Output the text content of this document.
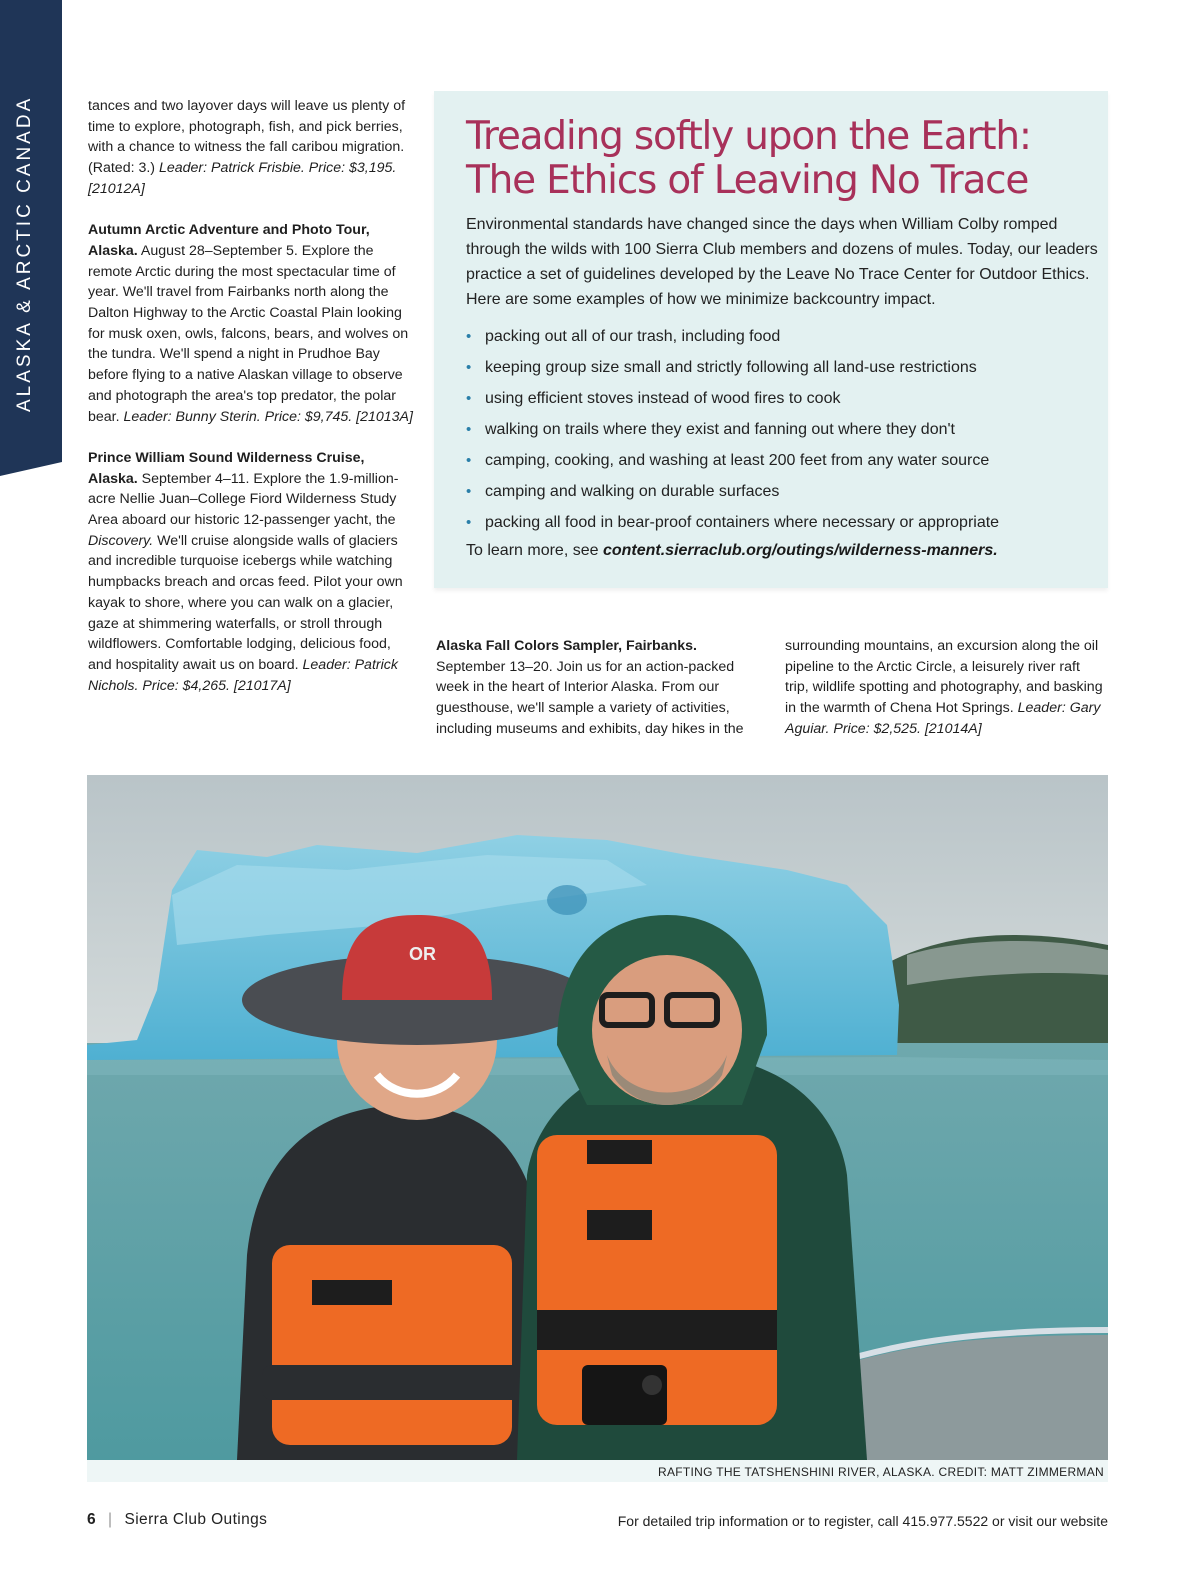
ALASKA & ARCTIC CANADA	tances and two layover days will leave us plenty of time to explore, photograph, fish, and pick berries, with a chance to witness the fall caribou migration. (Rated: 3.) Leader: Patrick Frisbie. Price: $3,195. [21012A]

Autumn Arctic Adventure and Photo Tour, Alaska. August 28–September 5. Explore the remote Arctic during the most spectacular time of year. We'll travel from Fairbanks north along the Dalton Highway to the Arctic Coastal Plain looking for musk oxen, owls, falcons, bears, and wolves on the tundra. We'll spend a night in Prudhoe Bay before flying to a native Alaskan village to observe and photograph the area's top predator, the polar bear. Leader: Bunny Sterin. Price: $9,745. [21013A]

Prince William Sound Wilderness Cruise, Alaska. September 4–11. Explore the 1.9-million-acre Nellie Juan–College Fiord Wilderness Study Area aboard our historic 12-passenger yacht, the Discovery. We'll cruise alongside walls of glaciers and incredible turquoise icebergs while watching humpbacks breach and orcas feed. Pilot your own kayak to shore, where you can walk on a glacier, gaze at shimmering waterfalls, or stroll through wildflowers. Comfortable lodging, delicious food, and hospitality await us on board. Leader: Patrick Nichols. Price: $4,265. [21017A]

Treading softly upon the Earth:
The Ethics of Leaving No Trace
Environmental standards have changed since the days when William Colby romped through the wilds with 100 Sierra Club members and dozens of mules. Today, our leaders practice a set of guidelines developed by the Leave No Trace Center for Outdoor Ethics. Here are some examples of how we minimize backcountry impact.
• packing out all of our trash, including food
• keeping group size small and strictly following all land-use restrictions
• using efficient stoves instead of wood fires to cook
• walking on trails where they exist and fanning out where they don't
• camping, cooking, and washing at least 200 feet from any water source
• camping and walking on durable surfaces
• packing all food in bear-proof containers where necessary or appropriate
To learn more, see content.sierraclub.org/outings/wilderness-manners.

Alaska Fall Colors Sampler, Fairbanks. September 13–20. Join us for an action-packed week in the heart of Interior Alaska. From our guesthouse, we'll sample a variety of activities, including museums and exhibits, day hikes in the

surrounding mountains, an excursion along the oil pipeline to the Arctic Circle, a leisurely river raft trip, wildlife spotting and photography, and basking in the warmth of Chena Hot Springs. Leader: Gary Aguiar. Price: $2,525. [21014A]

OR
RAFTING THE TATSHENSHINI RIVER, ALASKA. CREDIT: MATT ZIMMERMAN
6 | Sierra Club Outings	For detailed trip information or to register, call 415.977.5522 or visit our website
